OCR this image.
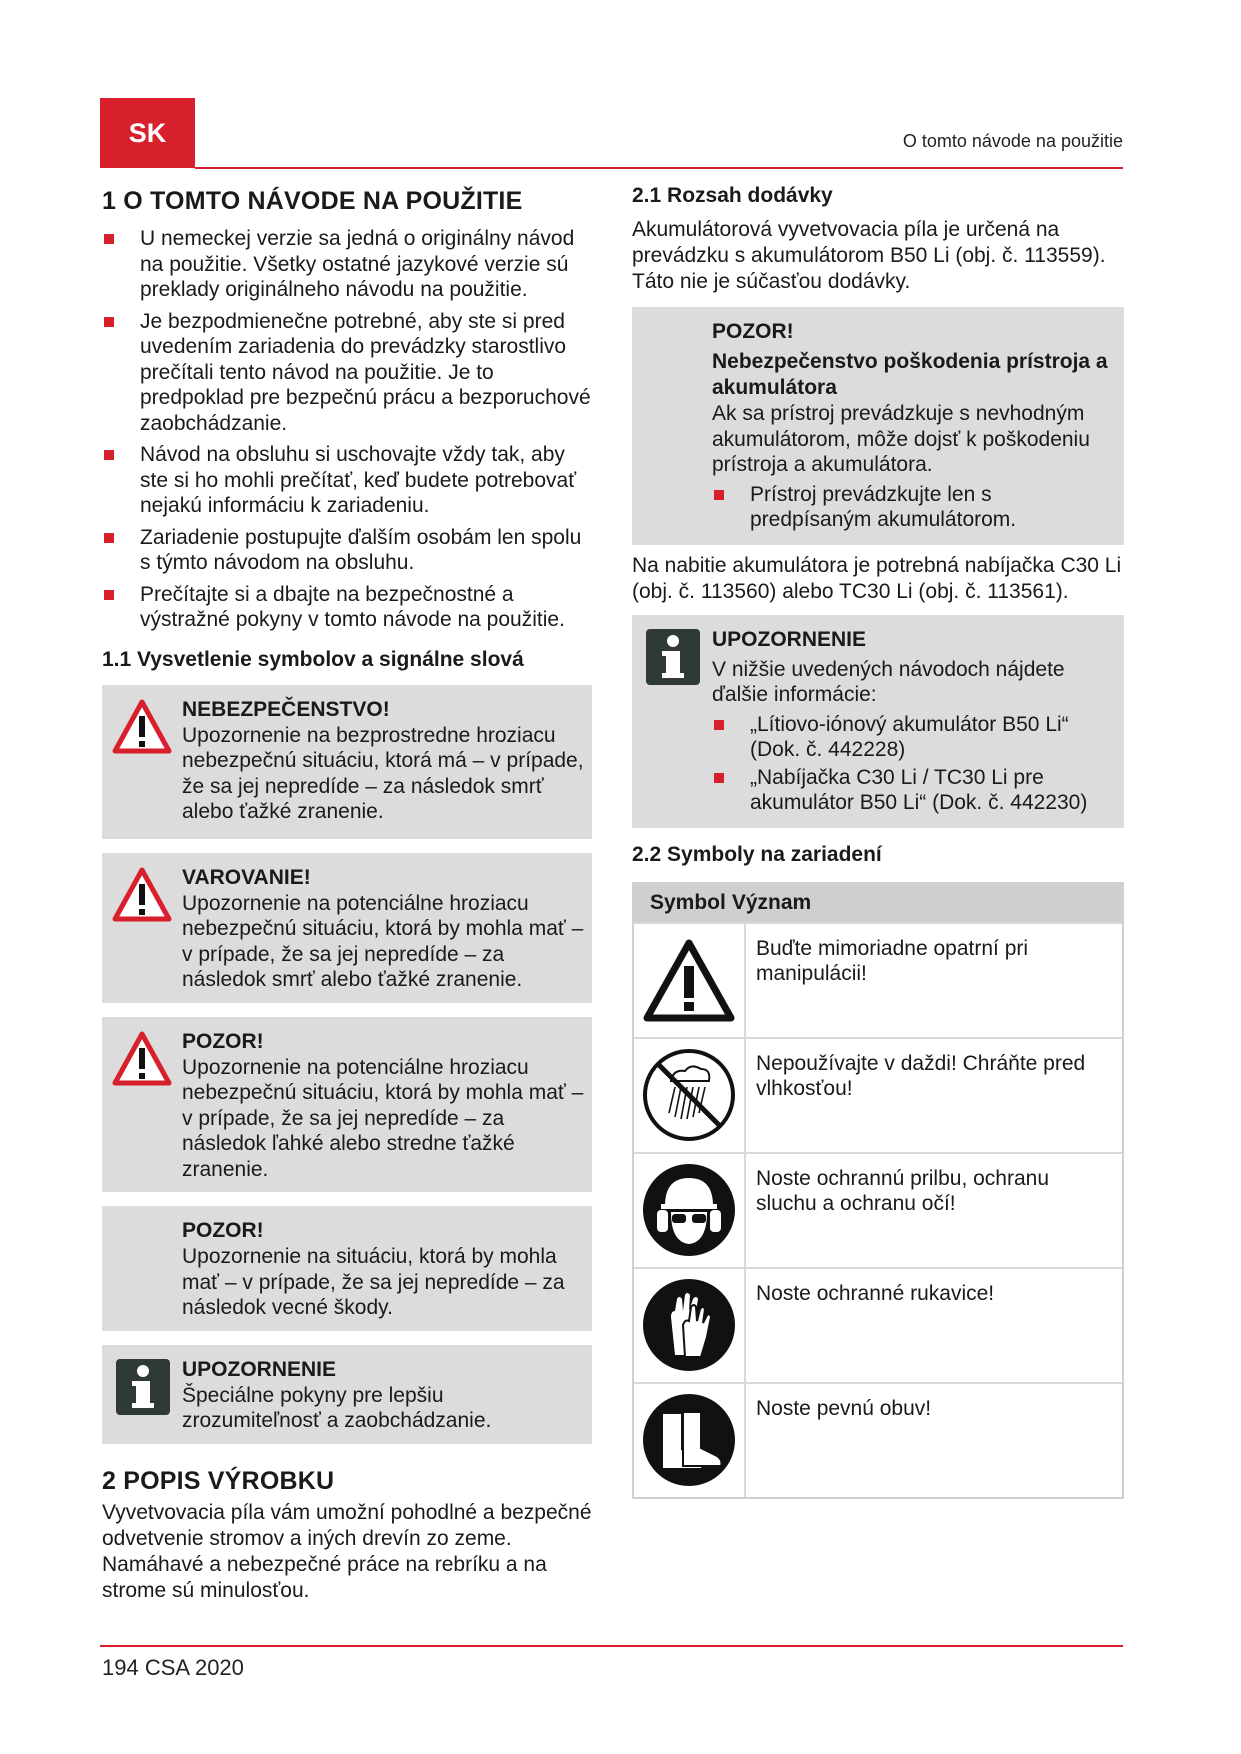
SK	O tomto návode na použitie
1 O TOMTO NÁVODE NA POUŽITIE
U nemeckej verzie sa jedná o originálny návod na použitie. Všetky ostatné jazykové verzie sú preklady originálneho návodu na použitie.
Je bezpodmienečne potrebné, aby ste si pred uvedením zariadenia do prevádzky starostlivo prečítali tento návod na použitie. Je to predpoklad pre bezpečnú prácu a bezporuchové zaobchádzanie.
Návod na obsluhu si uschovajte vždy tak, aby ste si ho mohli prečítať, keď budete potrebovať nejakú informáciu k zariadeniu.
Zariadenie postupujte ďalším osobám len spolu s týmto návodom na obsluhu.
Prečítajte si a dbajte na bezpečnostné a výstražné pokyny v tomto návode na použitie.
1.1 Vysvetlenie symbolov a signálne slová
NEBEZPEČENSTVO!
Upozornenie na bezprostredne hroziacu nebezpečnú situáciu, ktorá má – v prípade, že sa jej nepredíde – za následok smrť alebo ťažké zranenie.
VAROVANIE!
Upozornenie na potenciálne hroziacu nebezpečnú situáciu, ktorá by mohla mať – v prípade, že sa jej nepredíde – za následok smrť alebo ťažké zranenie.
POZOR!
Upozornenie na potenciálne hroziacu nebezpečnú situáciu, ktorá by mohla mať – v prípade, že sa jej nepredíde – za následok ľahké alebo stredne ťažké zranenie.
POZOR!
Upozornenie na situáciu, ktorá by mohla mať – v prípade, že sa jej nepredíde – za následok vecné škody.
UPOZORNENIE
Špeciálne pokyny pre lepšiu zrozumiteľnosť a zaobchádzanie.
2 POPIS VÝROBKU

Vyvetvovacia píla vám umožní pohodlné a bezpečné odvetvenie stromov a iných drevín zo zeme. Namáhavé a nebezpečné práce na rebríku a na strome sú minulosťou.

2.1 Rozsah dodávky

Akumulátorová vyvetvovacia píla je určená na prevádzku s akumulátorom B50 Li (obj. č. 113559). Táto nie je súčasťou dodávky.

POZOR!
Nebezpečenstvo poškodenia prístroja a akumulátora
Ak sa prístroj prevádzkuje s nevhodným akumulátorom, môže dojsť k poškodeniu prístroja a akumulátora.
Prístroj prevádzkujte len s predpísaným akumulátorom.

Na nabitie akumulátora je potrebná nabíjačka C30 Li (obj. č. 113560) alebo TC30 Li (obj. č. 113561).

UPOZORNENIE
V nižšie uvedených návodoch nájdete ďalšie informácie:
„Lítiovo-iónový akumulátor B50 Li“ (Dok. č. 442228)
„Nabíjačka C30 Li / TC30 Li pre akumulátor B50 Li“ (Dok. č. 442230)
2.2 Symboly na zariadení
Symbol Význam
Buďte mimoriadne opatrní pri manipulácii!
Nepoužívajte v daždi! Chráňte pred vlhkosťou!
Noste ochrannú prilbu, ochranu sluchu a ochranu očí!
Noste ochranné rukavice!
Noste pevnú obuv!
194 CSA 2020
